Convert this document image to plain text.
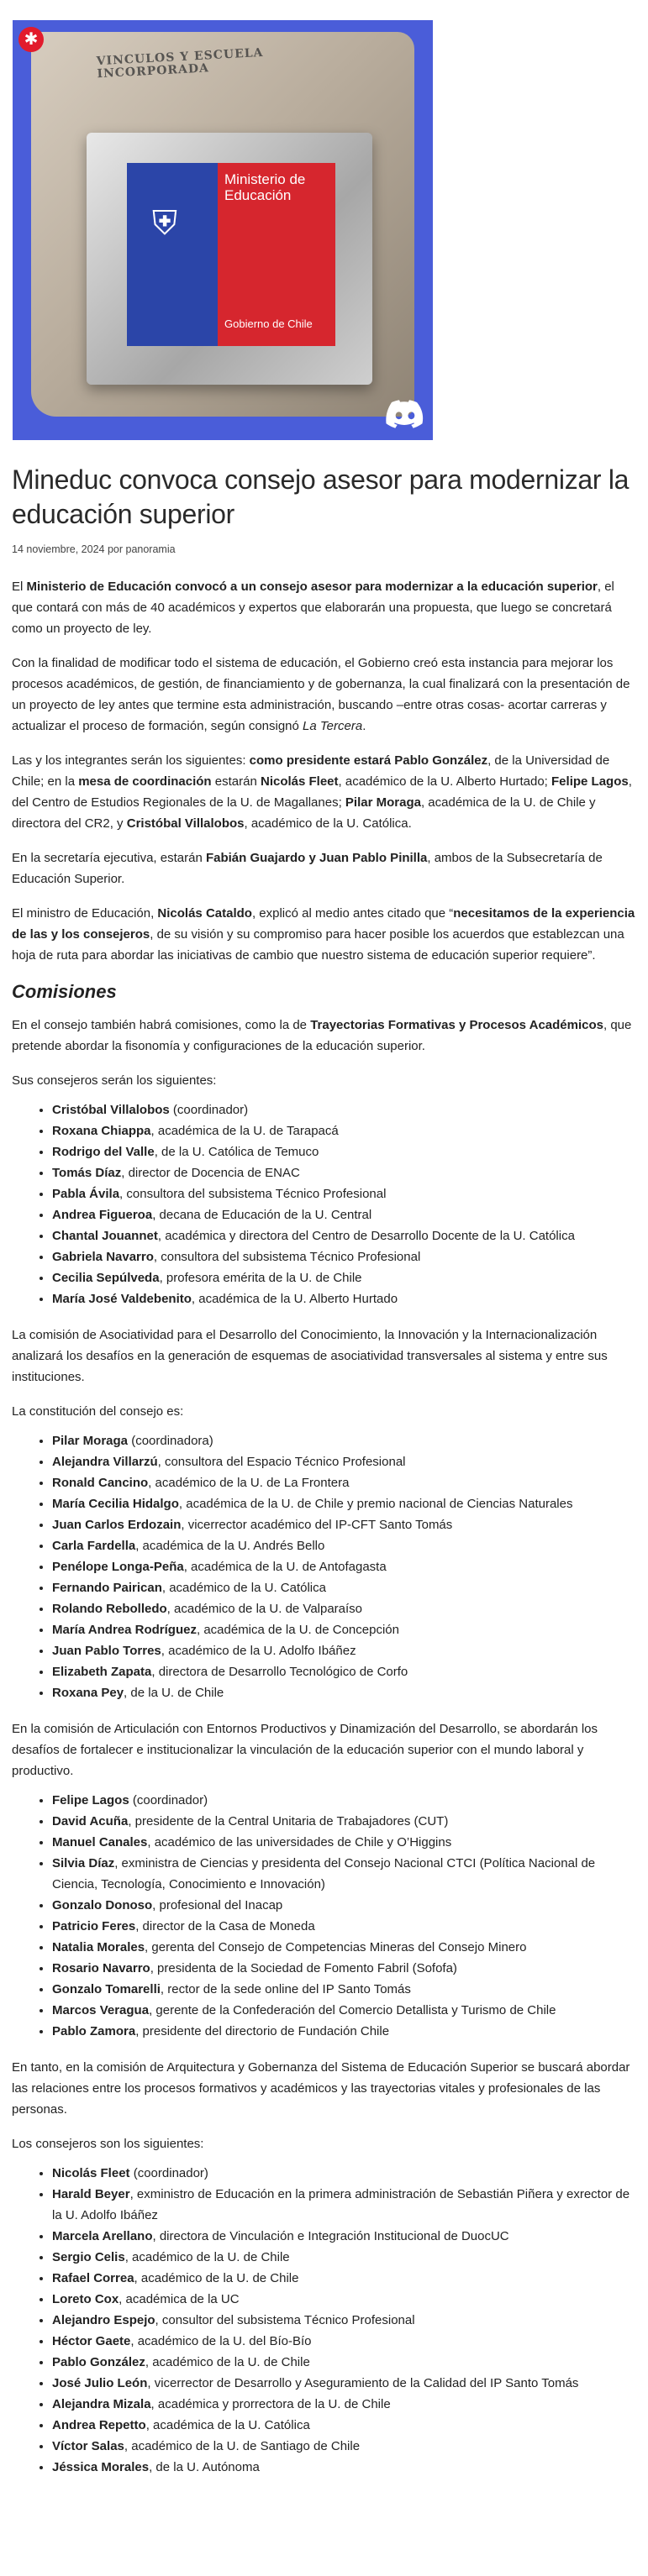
VINCULOS Y ESCUELA INCORPORADA
⛨
Ministerio de Educación
Gobierno de Chile
✱
Mineduc convoca consejo asesor para modernizar la educación superior
14 noviembre, 2024 por panoramia

El Ministerio de Educación convocó a un consejo asesor para modernizar a la educación superior, el que contará con más de 40 académicos y expertos que elaborarán una propuesta, que luego se concretará como un proyecto de ley.

Con la finalidad de modificar todo el sistema de educación, el Gobierno creó esta instancia para mejorar los procesos académicos, de gestión, de financiamiento y de gobernanza, la cual finalizará con la presentación de un proyecto de ley antes que termine esta administración, buscando –entre otras cosas- acortar carreras y actualizar el proceso de formación, según consignó La Tercera.

Las y los integrantes serán los siguientes: como presidente estará Pablo González, de la Universidad de Chile; en la mesa de coordinación estarán Nicolás Fleet, académico de la U. Alberto Hurtado; Felipe Lagos, del Centro de Estudios Regionales de la U. de Magallanes; Pilar Moraga, académica de la U. de Chile y directora del CR2, y Cristóbal Villalobos, académico de la U. Católica.

En la secretaría ejecutiva, estarán Fabián Guajardo y Juan Pablo Pinilla, ambos de la Subsecretaría de Educación Superior.

El ministro de Educación, Nicolás Cataldo, explicó al medio antes citado que “necesitamos de la experiencia de las y los consejeros, de su visión y su compromiso para hacer posible los acuerdos que establezcan una hoja de ruta para abordar las iniciativas de cambio que nuestro sistema de educación superior requiere”.

Comisiones

En el consejo también habrá comisiones, como la de Trayectorias Formativas y Procesos Académicos, que pretende abordar la fisonomía y configuraciones de la educación superior.

Sus consejeros serán los siguientes:

• Cristóbal Villalobos (coordinador)
• Roxana Chiappa, académica de la U. de Tarapacá
• Rodrigo del Valle, de la U. Católica de Temuco
• Tomás Díaz, director de Docencia de ENAC
• Pabla Ávila, consultora del subsistema Técnico Profesional
• Andrea Figueroa, decana de Educación de la U. Central
• Chantal Jouannet, académica y directora del Centro de Desarrollo Docente de la U. Católica
• Gabriela Navarro, consultora del subsistema Técnico Profesional
• Cecilia Sepúlveda, profesora emérita de la U. de Chile
• María José Valdebenito, académica de la U. Alberto Hurtado

La comisión de Asociatividad para el Desarrollo del Conocimiento, la Innovación y la Internacionalización analizará los desafíos en la generación de esquemas de asociatividad transversales al sistema y entre sus instituciones.

La constitución del consejo es:

• Pilar Moraga (coordinadora)
• Alejandra Villarzú, consultora del Espacio Técnico Profesional
• Ronald Cancino, académico de la U. de La Frontera
• María Cecilia Hidalgo, académica de la U. de Chile y premio nacional de Ciencias Naturales
• Juan Carlos Erdozain, vicerrector académico del IP-CFT Santo Tomás
• Carla Fardella, académica de la U. Andrés Bello
• Penélope Longa-Peña, académica de la U. de Antofagasta
• Fernando Pairican, académico de la U. Católica
• Rolando Rebolledo, académico de la U. de Valparaíso
• María Andrea Rodríguez, académica de la U. de Concepción
• Juan Pablo Torres, académico de la U. Adolfo Ibáñez
• Elizabeth Zapata, directora de Desarrollo Tecnológico de Corfo
• Roxana Pey, de la U. de Chile

En la comisión de Articulación con Entornos Productivos y Dinamización del Desarrollo, se abordarán los desafíos de fortalecer e institucionalizar la vinculación de la educación superior con el mundo laboral y productivo.

• Felipe Lagos (coordinador)
• David Acuña, presidente de la Central Unitaria de Trabajadores (CUT)
• Manuel Canales, académico de las universidades de Chile y O’Higgins
• Silvia Díaz, exministra de Ciencias y presidenta del Consejo Nacional CTCI (Política Nacional de Ciencia, Tecnología, Conocimiento e Innovación)
• Gonzalo Donoso, profesional del Inacap
• Patricio Feres, director de la Casa de Moneda
• Natalia Morales, gerenta del Consejo de Competencias Mineras del Consejo Minero
• Rosario Navarro, presidenta de la Sociedad de Fomento Fabril (Sofofa)
• Gonzalo Tomarelli, rector de la sede online del IP Santo Tomás
• Marcos Veragua, gerente de la Confederación del Comercio Detallista y Turismo de Chile
• Pablo Zamora, presidente del directorio de Fundación Chile

En tanto, en la comisión de Arquitectura y Gobernanza del Sistema de Educación Superior se buscará abordar las relaciones entre los procesos formativos y académicos y las trayectorias vitales y profesionales de las personas.

Los consejeros son los siguientes:

• Nicolás Fleet (coordinador)
• Harald Beyer, exministro de Educación en la primera administración de Sebastián Piñera y exrector de la U. Adolfo Ibáñez
• Marcela Arellano, directora de Vinculación e Integración Institucional de DuocUC
• Sergio Celis, académico de la U. de Chile
• Rafael Correa, académico de la U. de Chile
• Loreto Cox, académica de la UC
• Alejandro Espejo, consultor del subsistema Técnico Profesional
• Héctor Gaete, académico de la U. del Bío-Bío
• Pablo González, académico de la U. de Chile
• José Julio León, vicerrector de Desarrollo y Aseguramiento de la Calidad del IP Santo Tomás
• Alejandra Mizala, académica y prorrectora de la U. de Chile
• Andrea Repetto, académica de la U. Católica
• Víctor Salas, académico de la U. de Santiago de Chile
• Jéssica Morales, de la U. Autónoma
